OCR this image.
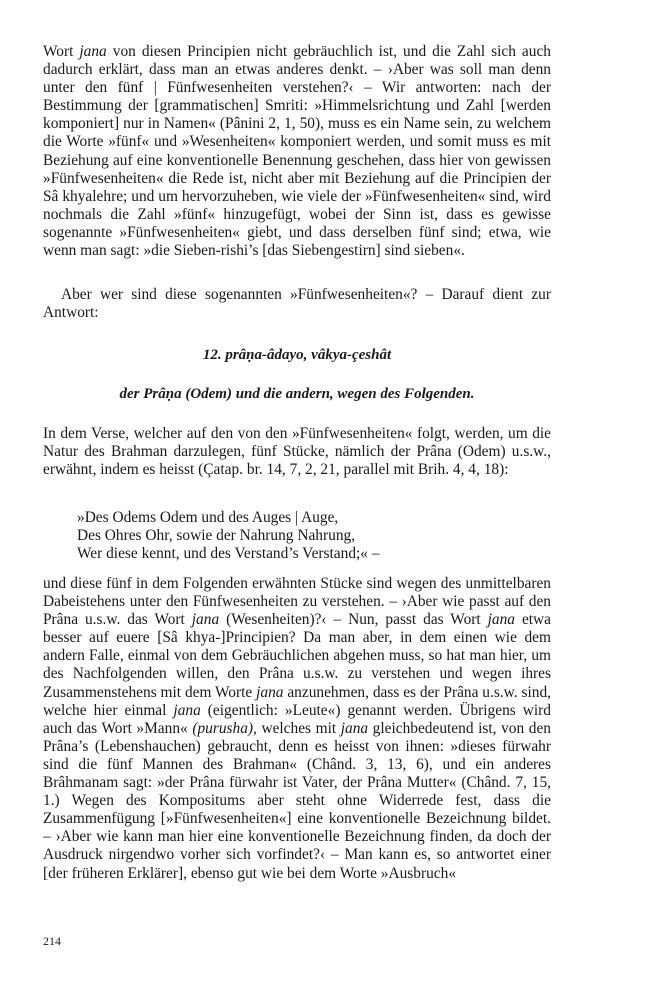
Wort jana von diesen Principien nicht gebräuchlich ist, und die Zahl sich auch dadurch erklärt, dass man an etwas anderes denkt. – ›Aber was soll man denn unter den fünf | Fünfwesenheiten verstehen?‹ – Wir antworten: nach der Bestimmung der [grammatischen] Smriti: »Himmelsrichtung und Zahl [werden komponiert] nur in Namen« (Pânini 2, 1, 50), muss es ein Name sein, zu welchem die Worte »fünf« und »Wesenheiten« komponiert werden, und somit muss es mit Beziehung auf eine konventionelle Benennung geschehen, dass hier von gewissen »Fünfwesenheiten« die Rede ist, nicht aber mit Beziehung auf die Principien der Sâ khyalehre; und um hervorzuheben, wie viele der »Fünfwesenheiten« sind, wird nochmals die Zahl »fünf« hinzugefügt, wobei der Sinn ist, dass es gewisse sogenannte »Fünfwesenheiten« giebt, und dass derselben fünf sind; etwa, wie wenn man sagt: »die Sieben-rishi’s [das Siebengestirn] sind sieben«.

Aber wer sind diese sogenannten »Fünfwesenheiten«? – Darauf dient zur Antwort:

12. prâṇa-âdayo, vâkya-çeshât

der Prâṇa (Odem) und die andern, wegen des Folgenden.

In dem Verse, welcher auf den von den »Fünfwesenheiten« folgt, werden, um die Natur des Brahman darzulegen, fünf Stücke, nämlich der Prâna (Odem) u.s.w., erwähnt, indem es heisst (Çatap. br. 14, 7, 2, 21, parallel mit Brih. 4, 4, 18):

»Des Odems Odem und des Auges | Auge,
Des Ohres Ohr, sowie der Nahrung Nahrung,
Wer diese kennt, und des Verstand’s Verstand;« –

und diese fünf in dem Folgenden erwähnten Stücke sind wegen des unmittelbaren Dabeistehens unter den Fünfwesenheiten zu verstehen. – ›Aber wie passt auf den Prâna u.s.w. das Wort jana (Wesenheiten)?‹ – Nun, passt das Wort jana etwa besser auf euere [Sâ khya-]Principien? Da man aber, in dem einen wie dem andern Falle, einmal von dem Gebräuchlichen abgehen muss, so hat man hier, um des Nachfolgenden willen, den Prâna u.s.w. zu verstehen und wegen ihres Zusammenstehens mit dem Worte jana anzunehmen, dass es der Prâna u.s.w. sind, welche hier einmal jana (eigentlich: »Leute«) genannt werden. Übrigens wird auch das Wort »Mann« (purusha), welches mit jana gleichbedeutend ist, von den Prâna’s (Lebenshauchen) gebraucht, denn es heisst von ihnen: »dieses fürwahr sind die fünf Mannen des Brahman« (Chând. 3, 13, 6), und ein anderes Brâhmanam sagt: »der Prâna fürwahr ist Vater, der Prâna Mutter« (Chând. 7, 15, 1.) Wegen des Kompositums aber steht ohne Widerrede fest, dass die Zusammenfügung [»Fünfwesenheiten«] eine konventionelle Bezeichnung bildet. – ›Aber wie kann man hier eine konventionelle Bezeichnung finden, da doch der Ausdruck nirgendwo vorher sich vorfindet?‹ – Man kann es, so antwortet einer [der früheren Erklärer], ebenso gut wie bei dem Worte »Ausbruch«

214
